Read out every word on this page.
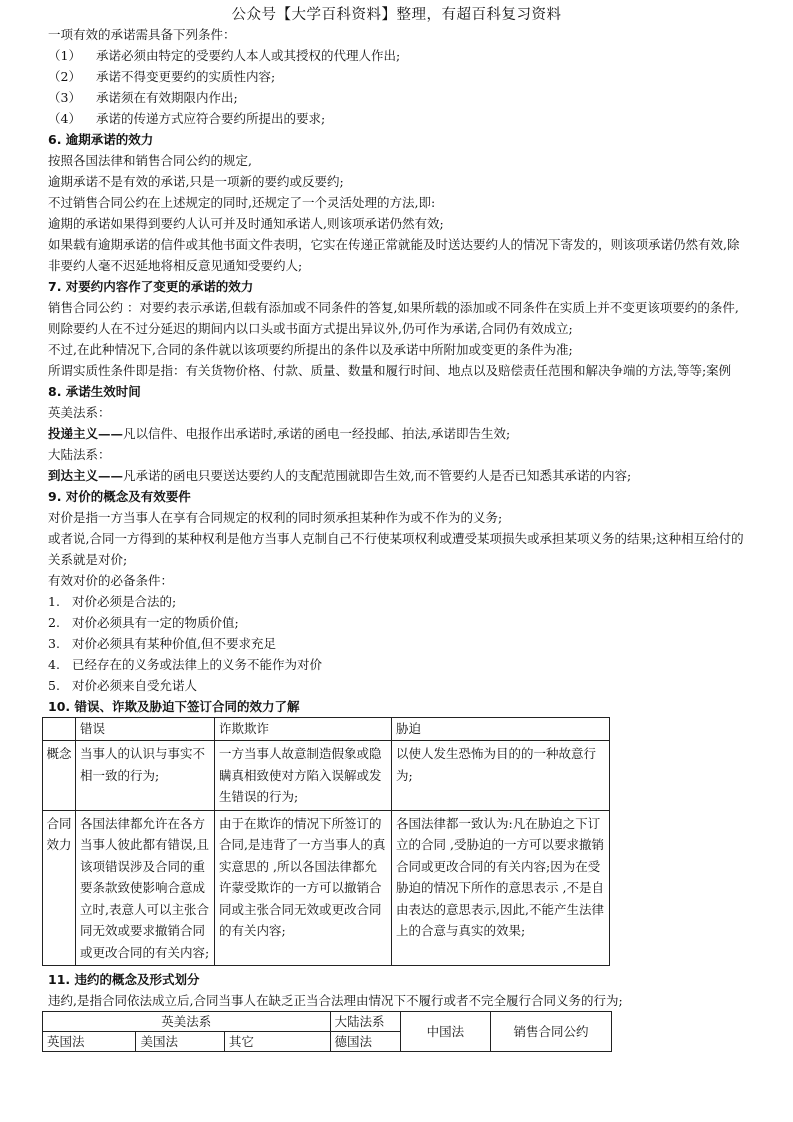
公众号【大学百科资料】整理，有超百科复习资料
一项有效的承诺需具备下列条件：
（1） 承诺必须由特定的受要约人本人或其授权的代理人作出;
（2） 承诺不得变更要约的实质性内容;
（3） 承诺须在有效期限内作出;
（4） 承诺的传递方式应符合要约所提出的要求;
6. 逾期承诺的效力
按照各国法律和销售合同公约的规定,
逾期承诺不是有效的承诺,只是一项新的要约或反要约;
不过销售合同公约在上述规定的同时,还规定了一个灵活处理的方法,即:
逾期的承诺如果得到要约人认可并及时通知承诺人,则该项承诺仍然有效;
如果载有逾期承诺的信件或其他书面文件表明，它实在传递正常就能及时送达要约人的情况下寄发的，则该项承诺仍然有效,除非要约人毫不迟延地将相反意见通知受要约人;
7. 对要约内容作了变更的承诺的效力
销售合同公约 ：对要约表示承诺,但载有添加或不同条件的答复,如果所载的添加或不同条件在实质上并不变更该项要约的条件,则除要约人在不过分延迟的期间内以口头或书面方式提出异议外,仍可作为承诺,合同仍有效成立;
不过,在此种情况下,合同的条件就以该项要约所提出的条件以及承诺中所附加或变更的条件为准;
所谓实质性条件即是指：有关货物价格、付款、质量、数量和履行时间、地点以及赔偿责任范围和解决争端的方法,等等;案例
8. 承诺生效时间
英美法系：
投递主义——凡以信件、电报作出承诺时,承诺的函电一经投邮、拍法,承诺即告生效;
大陆法系：
到达主义——凡承诺的函电只要送达要约人的支配范围就即告生效,而不管要约人是否已知悉其承诺的内容;
9. 对价的概念及有效要件
对价是指一方当事人在享有合同规定的权利的同时须承担某种作为或不作为的义务;
或者说,合同一方得到的某种权利是他方当事人克制自己不行使某项权利或遭受某项损失或承担某项义务的结果;这种相互给付的关系就是对价;
有效对价的必备条件：
1. 对价必须是合法的;
2. 对价必须具有一定的物质价值;
3. 对价必须具有某种价值,但不要求充足
4. 已经存在的义务或法律上的义务不能作为对价
5. 对价必须来自受允诺人
10. 错误、诈欺及胁迫下签订合同的效力了解
	错误	诈欺欺诈	胁迫
概念	当事人的认识与事实不相一致的行为;	一方当事人故意制造假象或隐瞒真相致使对方陷入误解或发生错误的行为;	以使人发生恐怖为目的的一种故意行为;
合同效力	各国法律都允许在各方当事人彼此都有错误,且该项错误涉及合同的重要条款致使影响合意成立时,表意人可以主张合同无效或要求撤销合同或更改合同的有关内容;	由于在欺诈的情况下所签订的合同,是违背了一方当事人的真实意思的 ,所以各国法律都允许蒙受欺诈的一方可以撤销合同或主张合同无效或更改合同的有关内容;	各国法律都一致认为:凡在胁迫之下订立的合同 ,受胁迫的一方可以要求撤销合同或更改合同的有关内容;因为在受胁迫的情况下所作的意思表示 ,不是自由表达的意思表示,因此,不能产生法律上的合意与真实的效果;
11. 违约的概念及形式划分
违约,是指合同依法成立后,合同当事人在缺乏正当合法理由情况下不履行或者不完全履行合同义务的行为;
英美法系			大陆法系	中国法	销售合同公约
英国法	美国法	其它	德国法		
